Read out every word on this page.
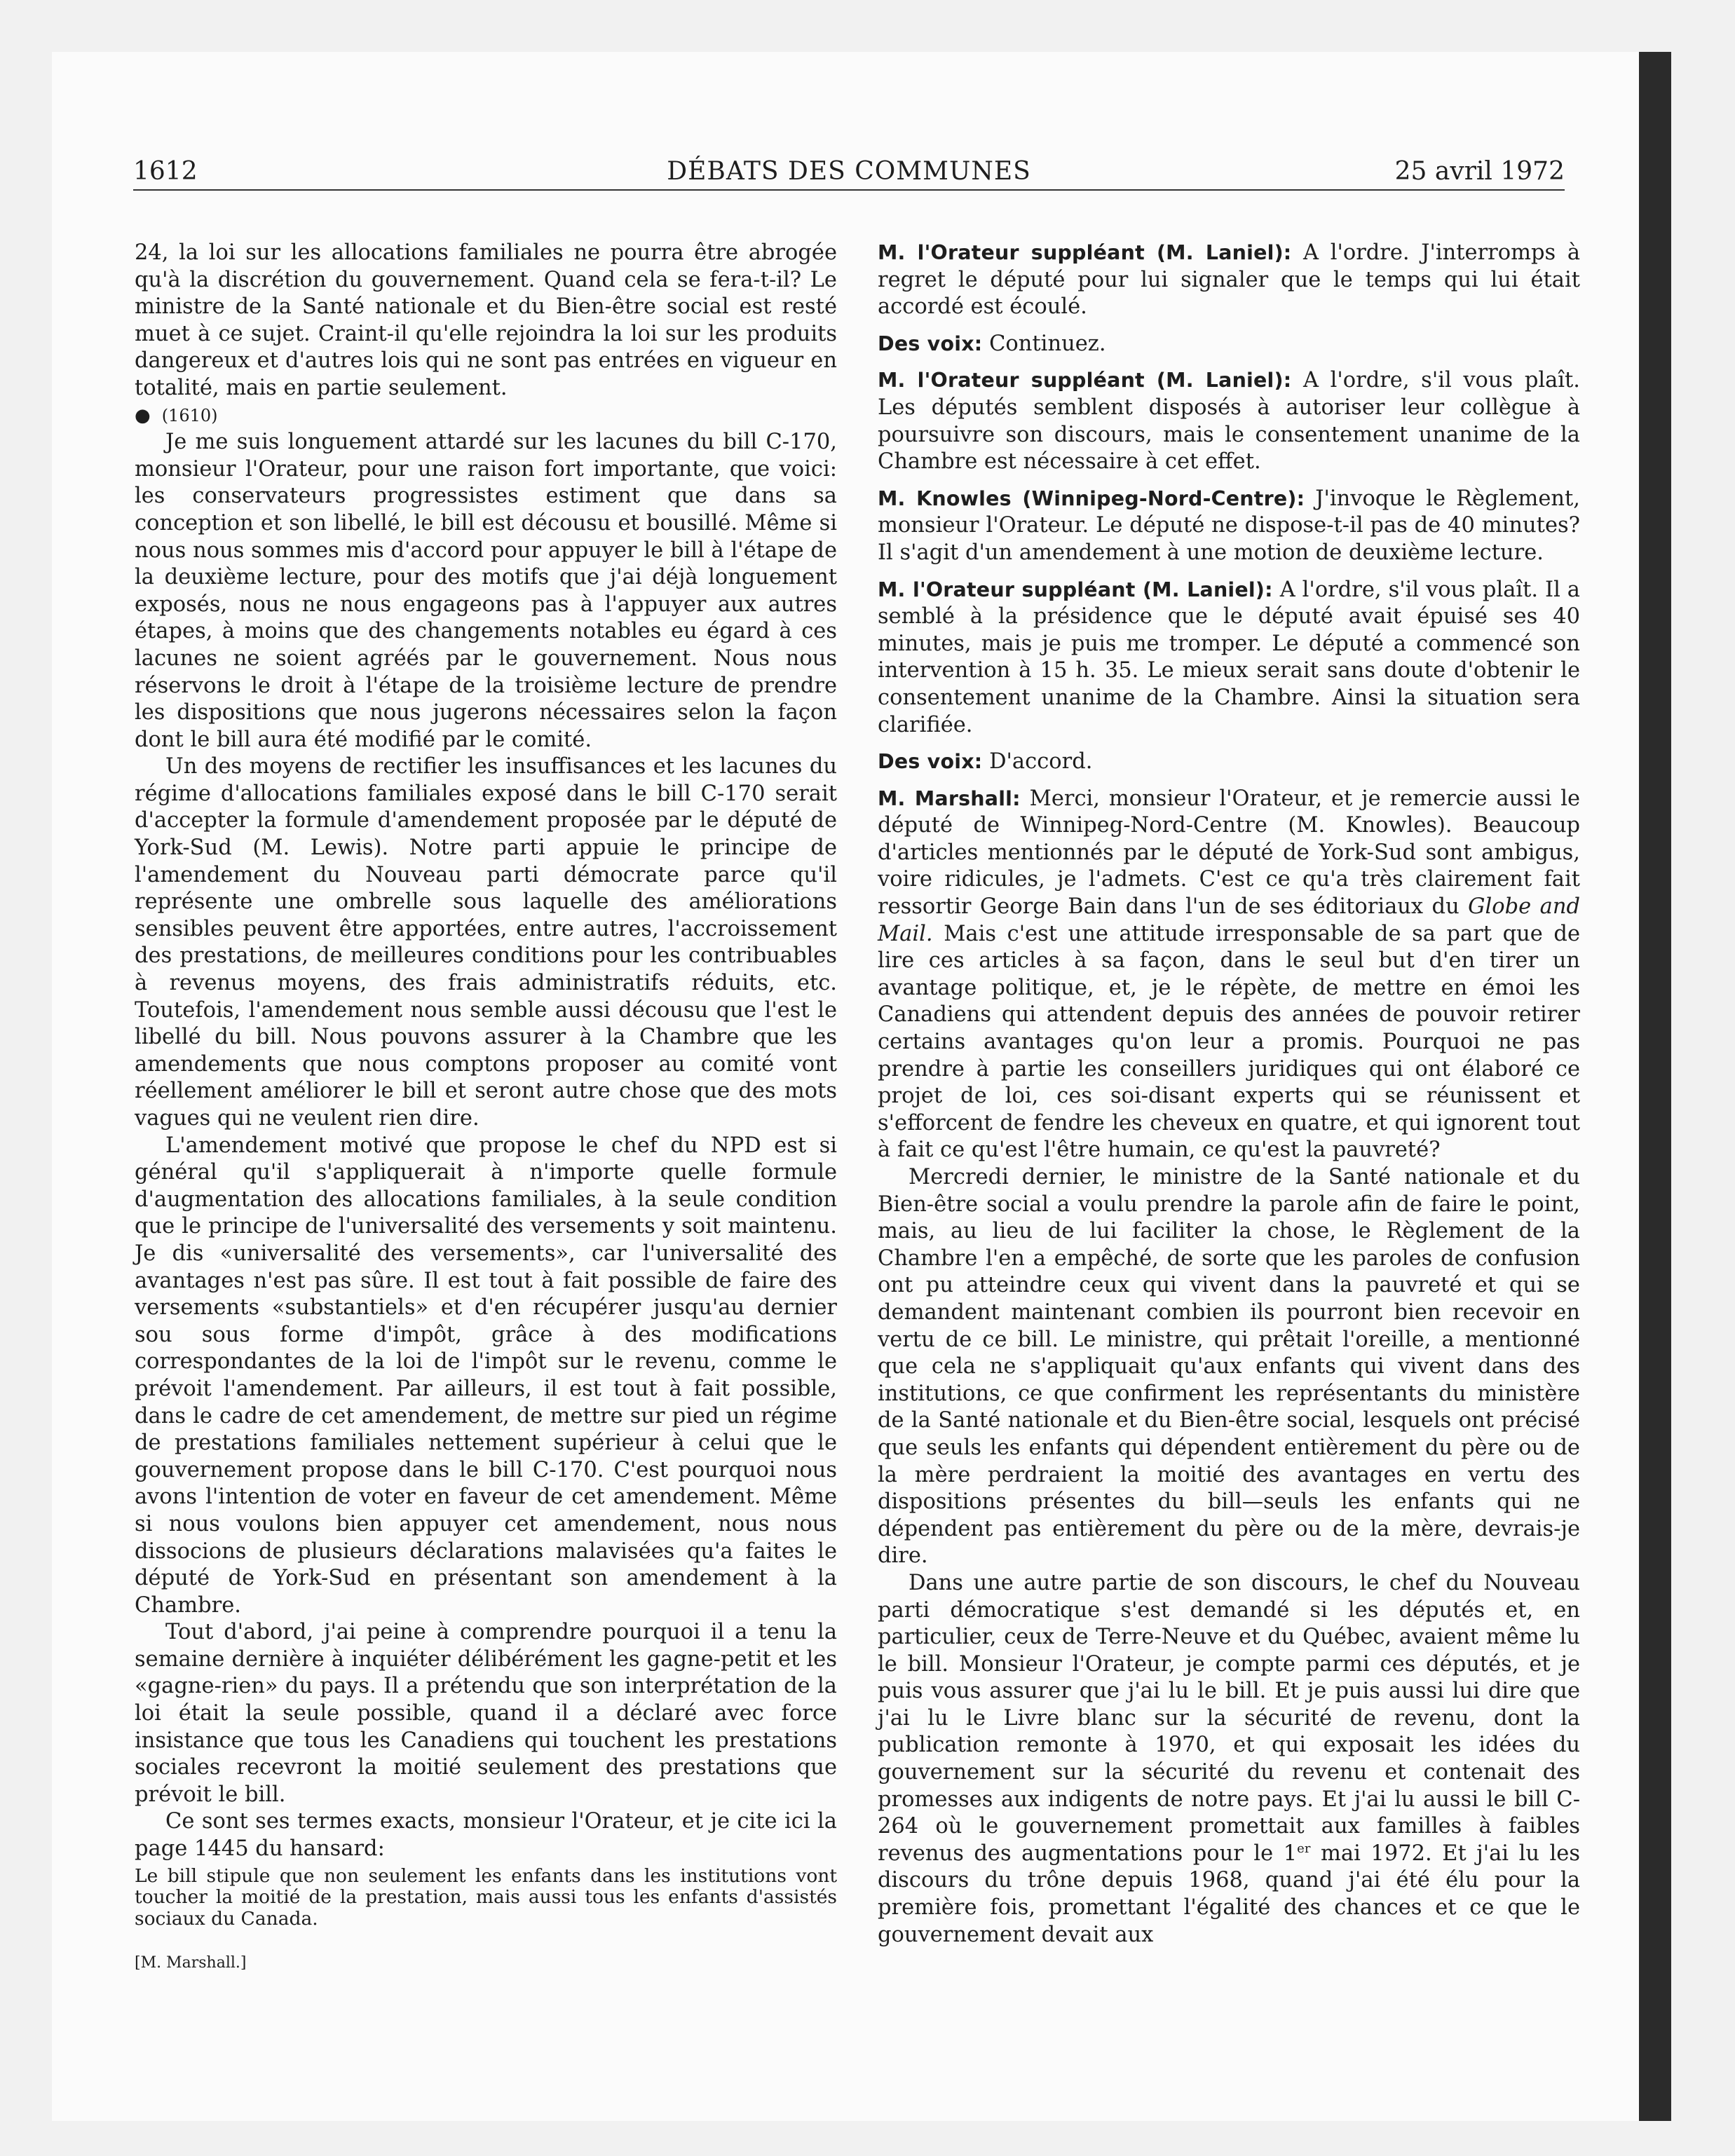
1612	DÉBATS DES COMMUNES	25 avril 1972

24, la loi sur les allocations familiales ne pourra être abrogée qu'à la discrétion du gouvernement. Quand cela se fera-t-il? Le ministre de la Santé nationale et du Bien-être social est resté muet à ce sujet. Craint-il qu'elle rejoindra la loi sur les produits dangereux et d'autres lois qui ne sont pas entrées en vigueur en totalité, mais en partie seulement.

● (1610)

Je me suis longuement attardé sur les lacunes du bill C-170, monsieur l'Orateur, pour une raison fort importante, que voici: les conservateurs progressistes estiment que dans sa conception et son libellé, le bill est décousu et bousillé. Même si nous nous sommes mis d'accord pour appuyer le bill à l'étape de la deuxième lecture, pour des motifs que j'ai déjà longuement exposés, nous ne nous engageons pas à l'appuyer aux autres étapes, à moins que des changements notables eu égard à ces lacunes ne soient agréés par le gouvernement. Nous nous réservons le droit à l'étape de la troisième lecture de prendre les dispositions que nous jugerons nécessaires selon la façon dont le bill aura été modifié par le comité.

Un des moyens de rectifier les insuffisances et les lacunes du régime d'allocations familiales exposé dans le bill C-170 serait d'accepter la formule d'amendement proposée par le député de York-Sud (M. Lewis). Notre parti appuie le principe de l'amendement du Nouveau parti démocrate parce qu'il représente une ombrelle sous laquelle des améliorations sensibles peuvent être apportées, entre autres, l'accroissement des prestations, de meilleures conditions pour les contribuables à revenus moyens, des frais administratifs réduits, etc. Toutefois, l'amendement nous semble aussi décousu que l'est le libellé du bill. Nous pouvons assurer à la Chambre que les amendements que nous comptons proposer au comité vont réellement améliorer le bill et seront autre chose que des mots vagues qui ne veulent rien dire.

L'amendement motivé que propose le chef du NPD est si général qu'il s'appliquerait à n'importe quelle formule d'augmentation des allocations familiales, à la seule condition que le principe de l'universalité des versements y soit maintenu. Je dis «universalité des versements», car l'universalité des avantages n'est pas sûre. Il est tout à fait possible de faire des versements «substantiels» et d'en récupérer jusqu'au dernier sou sous forme d'impôt, grâce à des modifications correspondantes de la loi de l'impôt sur le revenu, comme le prévoit l'amendement. Par ailleurs, il est tout à fait possible, dans le cadre de cet amendement, de mettre sur pied un régime de prestations familiales nettement supérieur à celui que le gouvernement propose dans le bill C-170. C'est pourquoi nous avons l'intention de voter en faveur de cet amendement. Même si nous voulons bien appuyer cet amendement, nous nous dissocions de plusieurs déclarations malavisées qu'a faites le député de York-Sud en présentant son amendement à la Chambre.

Tout d'abord, j'ai peine à comprendre pourquoi il a tenu la semaine dernière à inquiéter délibérément les gagne-petit et les «gagne-rien» du pays. Il a prétendu que son interprétation de la loi était la seule possible, quand il a déclaré avec force insistance que tous les Canadiens qui touchent les prestations sociales recevront la moitié seulement des prestations que prévoit le bill.

Ce sont ses termes exacts, monsieur l'Orateur, et je cite ici la page 1445 du hansard:

Le bill stipule que non seulement les enfants dans les institutions vont toucher la moitié de la prestation, mais aussi tous les enfants d'assistés sociaux du Canada.

[M. Marshall.]

M. l'Orateur suppléant (M. Laniel): A l'ordre. J'interromps à regret le député pour lui signaler que le temps qui lui était accordé est écoulé.

Des voix: Continuez.

M. l'Orateur suppléant (M. Laniel): A l'ordre, s'il vous plaît. Les députés semblent disposés à autoriser leur collègue à poursuivre son discours, mais le consentement unanime de la Chambre est nécessaire à cet effet.

M. Knowles (Winnipeg-Nord-Centre): J'invoque le Règlement, monsieur l'Orateur. Le député ne dispose-t-il pas de 40 minutes? Il s'agit d'un amendement à une motion de deuxième lecture.

M. l'Orateur suppléant (M. Laniel): A l'ordre, s'il vous plaît. Il a semblé à la présidence que le député avait épuisé ses 40 minutes, mais je puis me tromper. Le député a commencé son intervention à 15 h. 35. Le mieux serait sans doute d'obtenir le consentement unanime de la Chambre. Ainsi la situation sera clarifiée.

Des voix: D'accord.

M. Marshall: Merci, monsieur l'Orateur, et je remercie aussi le député de Winnipeg-Nord-Centre (M. Knowles). Beaucoup d'articles mentionnés par le député de York-Sud sont ambigus, voire ridicules, je l'admets. C'est ce qu'a très clairement fait ressortir George Bain dans l'un de ses éditoriaux du Globe and Mail. Mais c'est une attitude irresponsable de sa part que de lire ces articles à sa façon, dans le seul but d'en tirer un avantage politique, et, je le répète, de mettre en émoi les Canadiens qui attendent depuis des années de pouvoir retirer certains avantages qu'on leur a promis. Pourquoi ne pas prendre à partie les conseillers juridiques qui ont élaboré ce projet de loi, ces soi-disant experts qui se réunissent et s'efforcent de fendre les cheveux en quatre, et qui ignorent tout à fait ce qu'est l'être humain, ce qu'est la pauvreté?

Mercredi dernier, le ministre de la Santé nationale et du Bien-être social a voulu prendre la parole afin de faire le point, mais, au lieu de lui faciliter la chose, le Règlement de la Chambre l'en a empêché, de sorte que les paroles de confusion ont pu atteindre ceux qui vivent dans la pauvreté et qui se demandent maintenant combien ils pourront bien recevoir en vertu de ce bill. Le ministre, qui prêtait l'oreille, a mentionné que cela ne s'appliquait qu'aux enfants qui vivent dans des institutions, ce que confirment les représentants du ministère de la Santé nationale et du Bien-être social, lesquels ont précisé que seuls les enfants qui dépendent entièrement du père ou de la mère perdraient la moitié des avantages en vertu des dispositions présentes du bill—seuls les enfants qui ne dépendent pas entièrement du père ou de la mère, devrais-je dire.

Dans une autre partie de son discours, le chef du Nouveau parti démocratique s'est demandé si les députés et, en particulier, ceux de Terre-Neuve et du Québec, avaient même lu le bill. Monsieur l'Orateur, je compte parmi ces députés, et je puis vous assurer que j'ai lu le bill. Et je puis aussi lui dire que j'ai lu le Livre blanc sur la sécurité de revenu, dont la publication remonte à 1970, et qui exposait les idées du gouvernement sur la sécurité du revenu et contenait des promesses aux indigents de notre pays. Et j'ai lu aussi le bill C-264 où le gouvernement promettait aux familles à faibles revenus des augmentations pour le 1er mai 1972. Et j'ai lu les discours du trône depuis 1968, quand j'ai été élu pour la première fois, promettant l'égalité des chances et ce que le gouvernement devait aux
